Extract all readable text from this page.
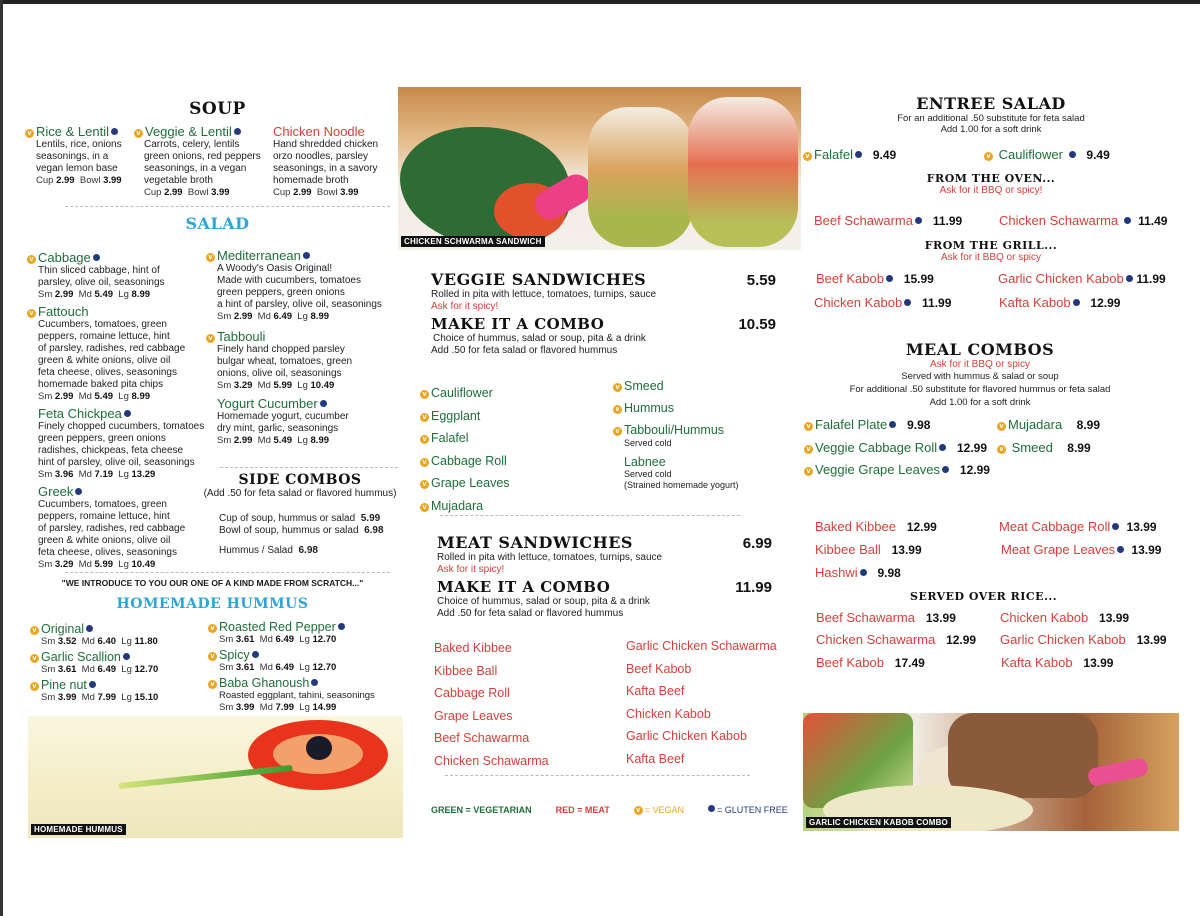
SOUP
v Rice & Lentil
Lentils, rice, onions
seasonings, in a
vegan lemon base
Cup 2.99 Bowl 3.99
v Veggie & Lentil
Carrots, celery, lentils
green onions, red peppers
seasonings, in a vegan
vegetable broth
Cup 2.99 Bowl 3.99
Chicken Noodle
Hand shredded chicken
orzo noodles, parsley
seasonings, in a savory
homemade broth
Cup 2.99 Bowl 3.99
SALAD
v Cabbage
Thin sliced cabbage, hint of
parsley, olive oil, seasonings
Sm 2.99 Md 5.49 Lg 8.99
v Fattouch
Cucumbers, tomatoes, green
peppers, romaine lettuce, hint
of parsley, radishes, red cabbage
green & white onions, olive oil
feta cheese, olives, seasonings
homemade baked pita chips
Sm 2.99 Md 5.49 Lg 8.99
Feta Chickpea
Finely chopped cucumbers, tomatoes
green peppers, green onions
radishes, chickpeas, feta cheese
hint of parsley, olive oil, seasonings
Sm 3.96 Md 7.19 Lg 13.29
Greek
Cucumbers, tomatoes, green
peppers, romaine lettuce, hint
of parsley, radishes, red cabbage
green & white onions, olive oil
feta cheese, olives, seasonings
Sm 3.29 Md 5.99 Lg 10.49
v Mediterranean
A Woody's Oasis Original!
Made with cucumbers, tomatoes
green peppers, green onions
a hint of parsley, olive oil, seasonings
Sm 2.99 Md 6.49 Lg 8.99
v Tabbouli
Finely hand chopped parsley
bulgar wheat, tomatoes, green
onions, olive oil, seasonings
Sm 3.29 Md 5.99 Lg 10.49
Yogurt Cucumber
Homemade yogurt, cucumber
dry mint, garlic, seasonings
Sm 2.99 Md 5.49 Lg 8.99
SIDE COMBOS
(Add .50 for feta salad or flavored hummus)
Cup of soup, hummus or salad 5.99
Bowl of soup, hummus or salad 6.98
Hummus / Salad 6.98
"WE INTRODUCE TO YOU OUR ONE OF A KIND MADE FROM SCRATCH..."
HOMEMADE HUMMUS
v Original
Sm 3.52 Md 6.40 Lg 11.80
v Garlic Scallion
Sm 3.61 Md 6.49 Lg 12.70
v Pine nut
Sm 3.99 Md 7.99 Lg 15.10
v Roasted Red Pepper
Sm 3.61 Md 6.49 Lg 12.70
v Spicy
Sm 3.61 Md 6.49 Lg 12.70
v Baba Ghanoush
Roasted eggplant, tahini, seasonings
Sm 3.99 Md 7.99 Lg 14.99
HOMEMADE HUMMUS
CHICKEN SCHWARMA SANDWICH
VEGGIE SANDWICHES	5.59
Rolled in pita with lettuce, tomatoes, turnips, sauce
Ask for it spicy!
MAKE IT A COMBO	10.59
Choice of hummus, salad or soup, pita & a drink
Add .50 for feta salad or flavored hummus
v Cauliflower
v Eggplant
v Falafel
v Cabbage Roll
v Grape Leaves
v Mujadara
v Smeed
v Hummus
v Tabbouli/Hummus
Served cold
Labnee
Served cold
(Strained homemade yogurt)
MEAT SANDWICHES	6.99
Rolled in pita with lettuce, tomatoes, turnips, sauce
Ask for it spicy!
MAKE IT A COMBO	11.99
Choice of hummus, salad or soup, pita & a drink
Add .50 for feta salad or flavored hummus
Baked Kibbee
Kibbee Ball
Cabbage Roll
Grape Leaves
Beef Schawarma
Chicken Schawarma
Garlic Chicken Schawarma
Beef Kabob
Kafta Beef
Chicken Kabob
Garlic Chicken Kabob
Kafta Beef
GREEN = VEGETARIAN	RED = MEAT	v = VEGAN	= GLUTEN FREE
ENTREE SALAD
For an additional .50 substitute for feta salad
Add 1.00 for a soft drink
v Falafel 9.49	v Cauliflower 9.49
FROM THE OVEN...
Ask for it BBQ or spicy!
Beef Schawarma 11.99	Chicken Schawarma 11.49
FROM THE GRILL...
Ask for it BBQ or spicy
Beef Kabob 15.99	Garlic Chicken Kabob 11.99
Chicken Kabob 11.99	Kafta Kabob 12.99
MEAL COMBOS
Ask for it BBQ or spicy
Served with hummus & salad or soup
For additional .50 substitute for flavored hummus or feta salad
Add 1.00 for a soft drink
v Falafel Plate 9.98	v Mujadara 8.99
v Veggie Cabbage Roll 12.99	v Smeed 8.99
v Veggie Grape Leaves 12.99
Baked Kibbee 12.99	Meat Cabbage Roll 13.99
Kibbee Ball 13.99	Meat Grape Leaves 13.99
Hashwi 9.98
SERVED OVER RICE...
Beef Schawarma 13.99	Chicken Kabob 13.99
Chicken Schawarma 12.99 Garlic Chicken Kabob 13.99
Beef Kabob 17.49	Kafta Kabob 13.99
GARLIC CHICKEN KABOB COMBO
